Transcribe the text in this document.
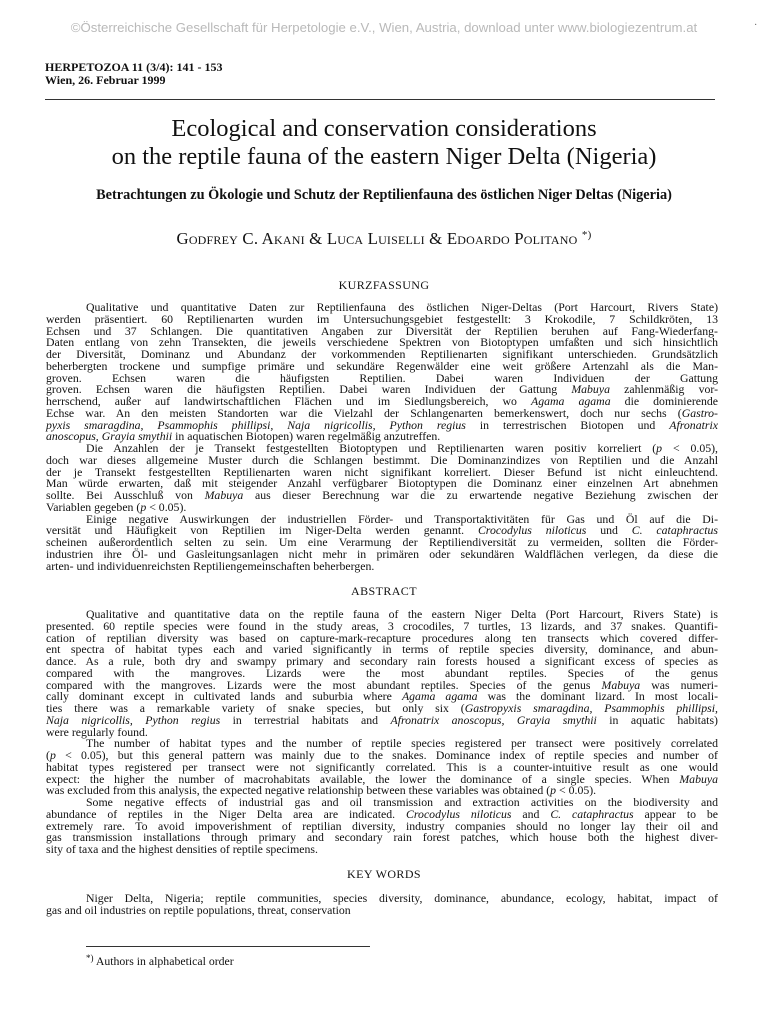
©Österreichische Gesellschaft für Herpetologie e.V., Wien, Austria, download unter www.biologiezentrum.at	·
HERPETOZOA 11 (3/4): 141 - 153
Wien, 26. Februar 1999
Ecological and conservation considerations
on the reptile fauna of the eastern Niger Delta (Nigeria)
Betrachtungen zu Ökologie und Schutz der Reptilienfauna des östlichen Niger Deltas (Nigeria)
Godfrey C. Akani & Luca Luiselli & Edoardo Politano *)
KURZFASSUNG
Qualitative und quantitative Daten zur Reptilienfauna des östlichen Niger-Deltas (Port Harcourt, Rivers State)
werden präsentiert. 60 Reptilienarten wurden im Untersuchungsgebiet festgestellt: 3 Krokodile, 7 Schildkröten, 13
Echsen und 37 Schlangen. Die quantitativen Angaben zur Diversität der Reptilien beruhen auf Fang-Wiederfang-
Daten entlang von zehn Transekten, die jeweils verschiedene Spektren von Biotoptypen umfaßten und sich hinsichtlich
der Diversität, Dominanz und Abundanz der vorkommenden Reptilienarten signifikant unterschieden. Grundsätzlich
beherbergten trockene und sumpfige primäre und sekundäre Regenwälder eine weit größere Artenzahl als die Man-
groven. Echsen waren die häufigsten Reptilien. Dabei waren Individuen der Gattung
groven. Echsen waren die häufigsten Reptilien. Dabei waren Individuen der Gattung Mabuya zahlenmäßig vor-
herrschend, außer auf landwirtschaftlichen Flächen und im Siedlungsbereich, wo Agama agama die dominierende
Echse war. An den meisten Standorten war die Vielzahl der Schlangenarten bemerkenswert, doch nur sechs (Gastro-
pyxis smaragdina, Psammophis phillipsi, Naja nigricollis, Python regius in terrestrischen Biotopen und Afronatrix
anoscopus, Grayia smythii in aquatischen Biotopen) waren regelmäßig anzutreffen.
Die Anzahlen der je Transekt festgestellten Biotoptypen und Reptilienarten waren positiv korreliert (p < 0.05),
doch war dieses allgemeine Muster durch die Schlangen bestimmt. Die Dominanzindizes von Reptilien und die Anzahl
der je Transekt festgestellten Reptilienarten waren nicht signifikant korreliert. Dieser Befund ist nicht einleuchtend.
Man würde erwarten, daß mit steigender Anzahl verfügbarer Biotoptypen die Dominanz einer einzelnen Art abnehmen
sollte. Bei Ausschluß von Mabuya aus dieser Berechnung war die zu erwartende negative Beziehung zwischen der
Variablen gegeben (p < 0.05).
Einige negative Auswirkungen der industriellen Förder- und Transportaktivitäten für Gas und Öl auf die Di-
versität und Häufigkeit von Reptilien im Niger-Delta werden genannt. Crocodylus niloticus und C. cataphractus
scheinen außerordentlich selten zu sein. Um eine Verarmung der Reptiliendiversität zu vermeiden, sollten die Förder-
industrien ihre Öl- und Gasleitungsanlagen nicht mehr in primären oder sekundären Waldflächen verlegen, da diese die
arten- und individuenreichsten Reptiliengemeinschaften beherbergen.
ABSTRACT
Qualitative and quantitative data on the reptile fauna of the eastern Niger Delta (Port Harcourt, Rivers State) is
presented. 60 reptile species were found in the study areas, 3 crocodiles, 7 turtles, 13 lizards, and 37 snakes. Quantifi-
cation of reptilian diversity was based on capture-mark-recapture procedures along ten transects which covered differ-
ent spectra of habitat types each and varied significantly in terms of reptile species diversity, dominance, and abun-
dance. As a rule, both dry and swampy primary and secondary rain forests housed a significant excess of species as
compared with the mangroves. Lizards were the most abundant reptiles. Species of the genus
compared with the mangroves. Lizards were the most abundant reptiles. Species of the genus Mabuya was numeri-
cally dominant except in cultivated lands and suburbia where Agama agama was the dominant lizard. In most locali-
ties there was a remarkable variety of snake species, but only six (Gastropyxis smaragdina, Psammophis phillipsi,
Naja nigricollis, Python regius in terrestrial habitats and Afronatrix anoscopus, Grayia smythii in aquatic habitats)
were regularly found.
The number of habitat types and the number of reptile species registered per transect were positively correlated
(p < 0.05), but this general pattern was mainly due to the snakes. Dominance index of reptile species and number of
habitat types registered per transect were not significantly correlated. This is a counter-intuitive result as one would
expect: the higher the number of macrohabitats available, the lower the dominance of a single species. When Mabuya
was excluded from this analysis, the expected negative relationship between these variables was obtained (p < 0.05).
Some negative effects of industrial gas and oil transmission and extraction activities on the biodiversity and
abundance of reptiles in the Niger Delta area are indicated. Crocodylus niloticus and C. cataphractus appear to be
extremely rare. To avoid impoverishment of reptilian diversity, industry companies should no longer lay their oil and
gas transmission installations through primary and secondary rain forest patches, which house both the highest diver-
sity of taxa and the highest densities of reptile specimens.
KEY WORDS
Niger Delta, Nigeria; reptile communities, species diversity, dominance, abundance, ecology, habitat, impact of
gas and oil industries on reptile populations, threat, conservation
*) Authors in alphabetical order
